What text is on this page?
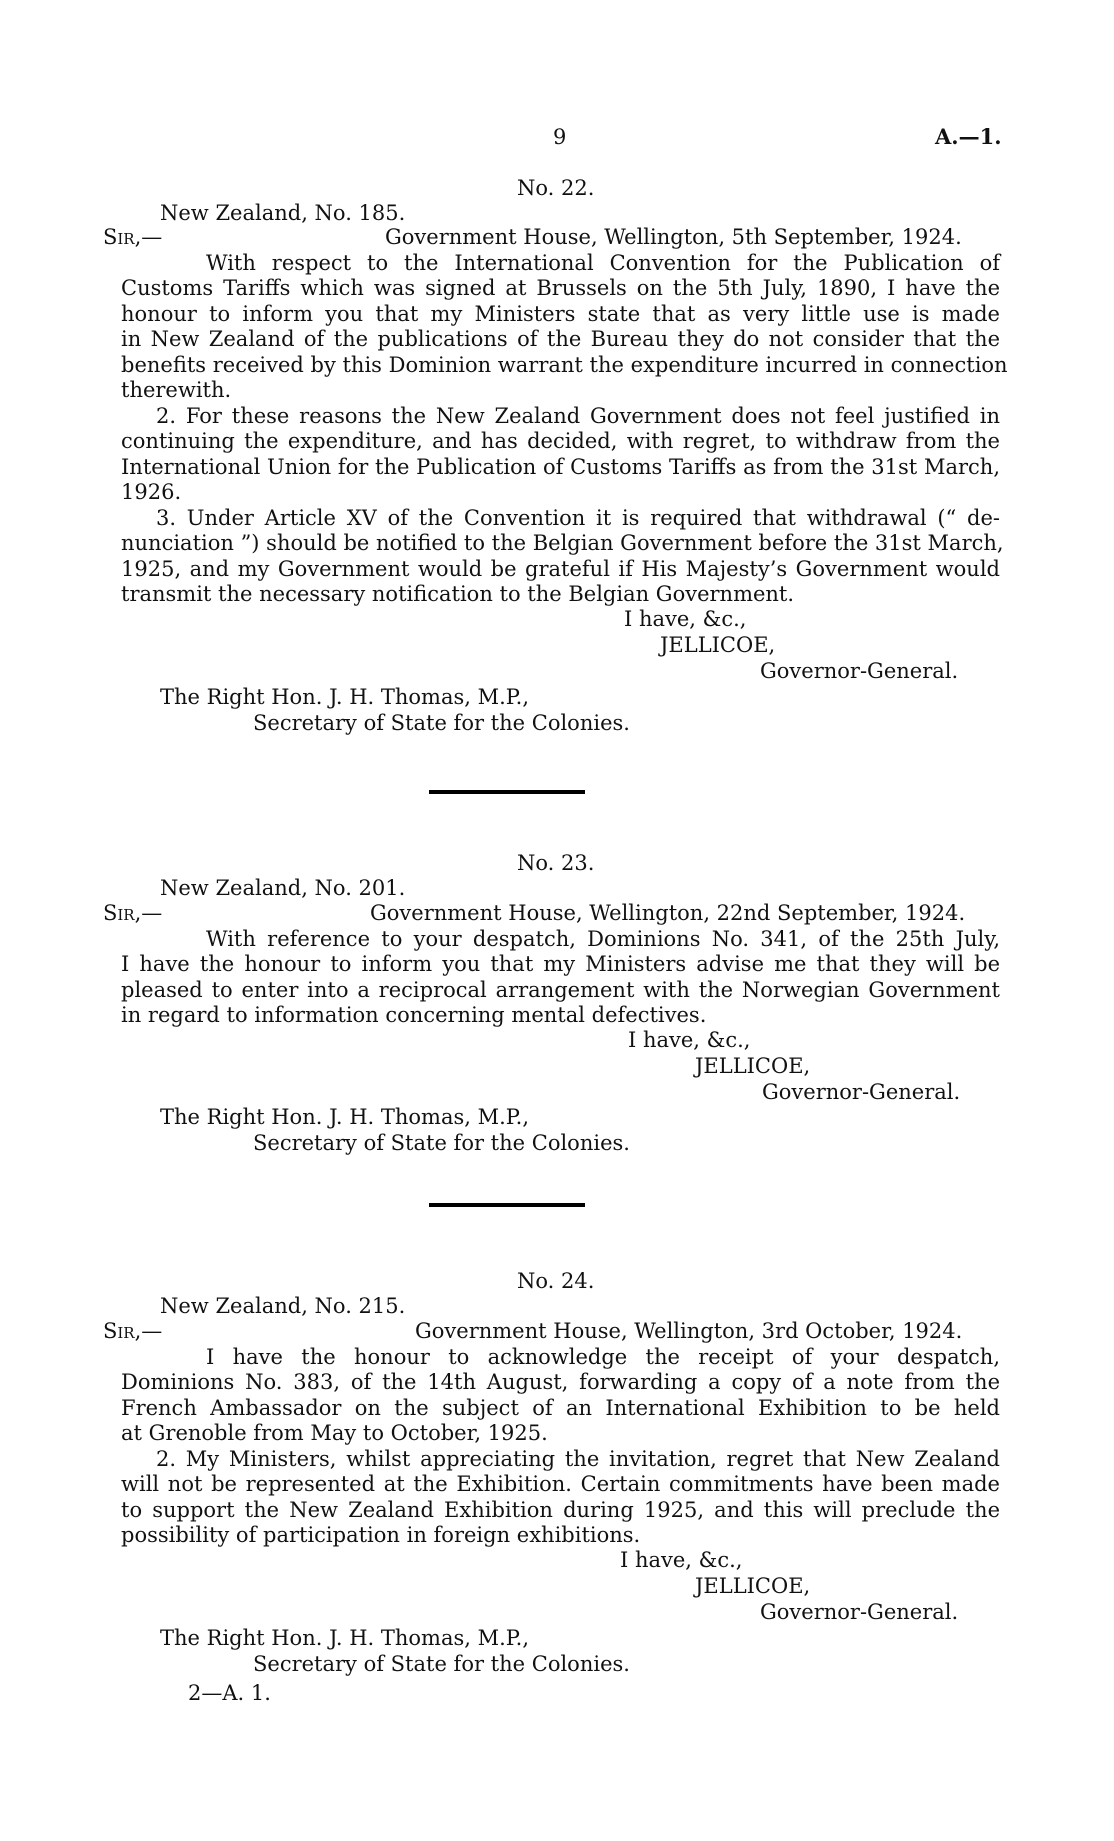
9	A.—1.
No. 22.
New Zealand, No. 185.
Sir,—	Government House, Wellington, 5th September, 1924.
With respect to the International Convention for the Publication of
Customs Tariffs which was signed at Brussels on the 5th July, 1890, I have the
honour to inform you that my Ministers state that as very little use is made
in New Zealand of the publications of the Bureau they do not consider that the
benefits received by this Dominion warrant the expenditure incurred in connection
therewith.
2. For these reasons the New Zealand Government does not feel justified in
continuing the expenditure, and has decided, with regret, to withdraw from the
International Union for the Publication of Customs Tariffs as from the 31st March,
1926.
3. Under Article XV of the Convention it is required that withdrawal (“ de-
nunciation ”) should be notified to the Belgian Government before the 31st March,
1925, and my Government would be grateful if His Majesty’s Government would
transmit the necessary notification to the Belgian Government.
I have, &c.,
JELLICOE,
Governor-General.
The Right Hon. J. H. Thomas, M.P.,
Secretary of State for the Colonies.
No. 23.
New Zealand, No. 201.
Sir,—	Government House, Wellington, 22nd September, 1924.
With reference to your despatch, Dominions No. 341, of the 25th July,
I have the honour to inform you that my Ministers advise me that they will be
pleased to enter into a reciprocal arrangement with the Norwegian Government
in regard to information concerning mental defectives.
I have, &c.,
JELLICOE,
Governor-General.
The Right Hon. J. H. Thomas, M.P.,
Secretary of State for the Colonies.
No. 24.
New Zealand, No. 215.
Sir,—	Government House, Wellington, 3rd October, 1924.
I have the honour to acknowledge the receipt of your despatch,
Dominions No. 383, of the 14th August, forwarding a copy of a note from the
French Ambassador on the subject of an International Exhibition to be held
at Grenoble from May to October, 1925.
2. My Ministers, whilst appreciating the invitation, regret that New Zealand
will not be represented at the Exhibition. Certain commitments have been made
to support the New Zealand Exhibition during 1925, and this will preclude the
possibility of participation in foreign exhibitions.
I have, &c.,
JELLICOE,
Governor-General.
The Right Hon. J. H. Thomas, M.P.,
Secretary of State for the Colonies.
2—A. 1.
